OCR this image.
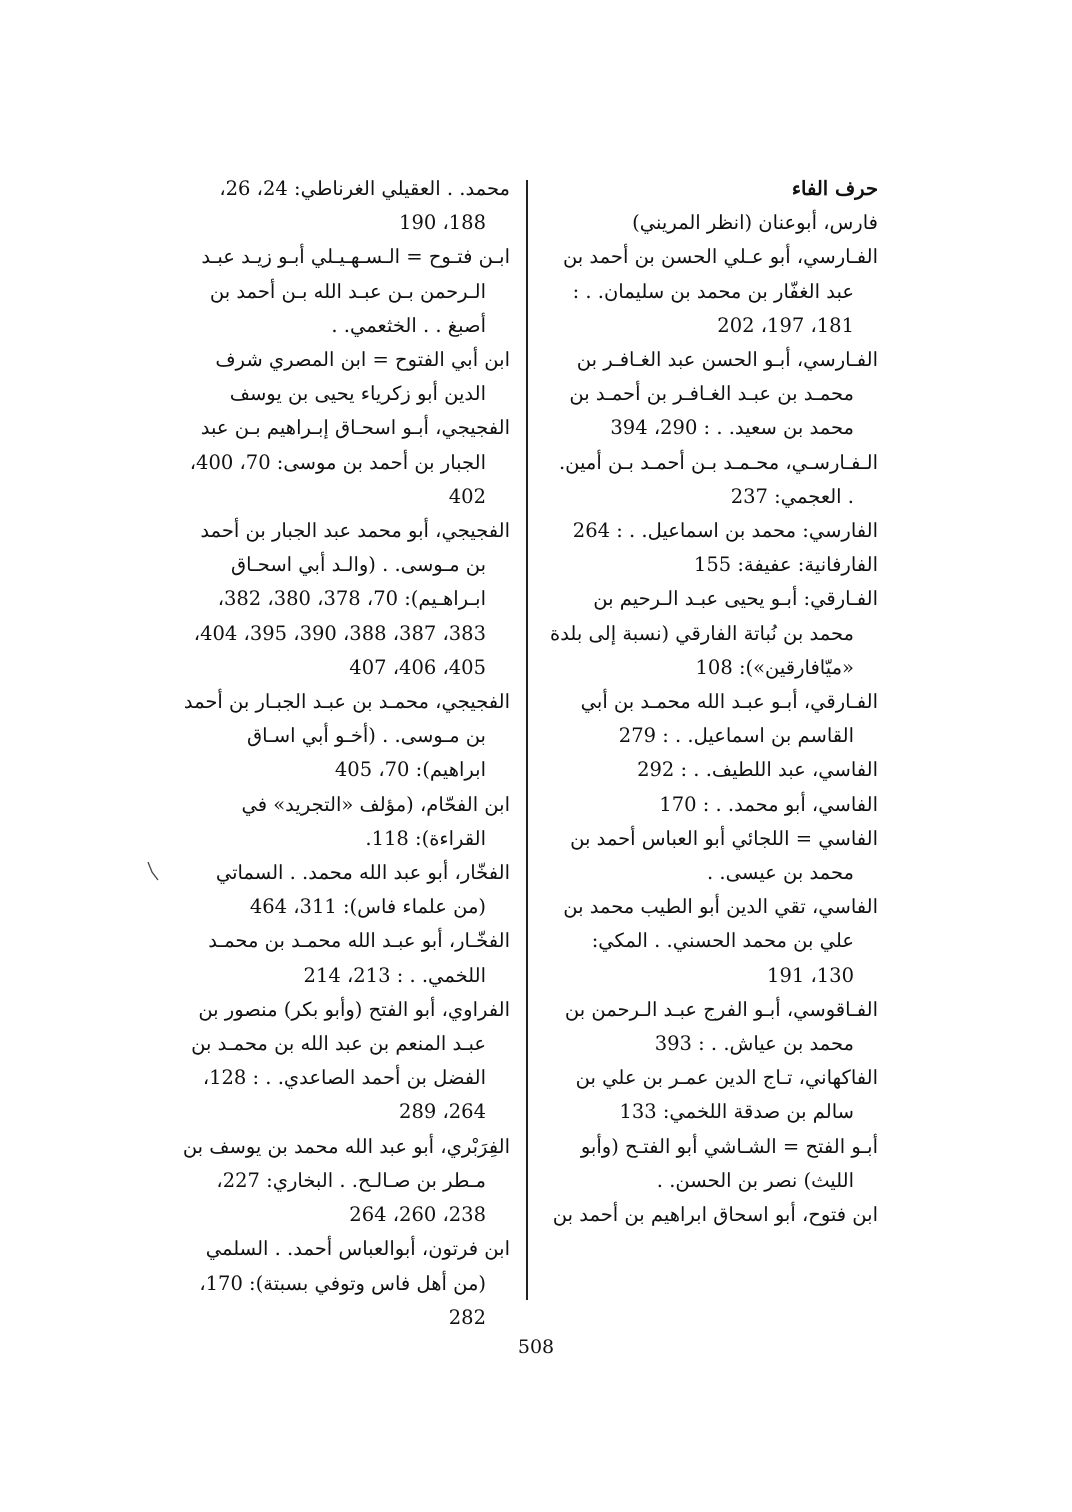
حرف الفاء

فارس، أبوعنان (انظر المريني)

الفـارسي، أبو عـلي الحسن بن أحمد بن عبد الغفّار بن محمد بن سليمان. . : 181، 197، 202

الفـارسي، أبـو الحسن عبد الغـافـر بن محمـد بن عبـد الغـافـر بن أحمـد بن محمد بن سعيد. . : 290، 394

الـفـارسـي، محـمـد بـن أحمـد بـن أمين. . العجمي: 237

الفارسي: محمد بن اسماعيل. . : 264

الفارفانية: عفيفة: 155

الفـارقي: أبـو يحيى عبـد الـرحيم بن محمد بن نُباتة الفارقي (نسبة إلى بلدة «ميّافارقين»): 108

الفـارقي، أبـو عبـد الله محمـد بن أبي القاسم بن اسماعيل. . : 279

الفاسي، عبد اللطيف. . : 292

الفاسي، أبو محمد. . : 170

الفاسي = اللجائي أبو العباس أحمد بن محمد بن عيسى. .

الفاسي، تقي الدين أبو الطيب محمد بن علي بن محمد الحسني. . المكي: 130، 191

الفـاقوسي، أبـو الفرج عبـد الـرحمن بن محمد بن عياش. . : 393

الفاكهاني، تـاج الدين عمـر بن علي بن سالم بن صدقة اللخمي: 133

أبـو الفتح = الشـاشي أبو الفتـح (وأبو الليث) نصر بن الحسن. .

ابن فتوح، أبو اسحاق ابراهيم بن أحمد بن

محمد. . العقيلي الغرناطي: 24، 26، 188، 190

ابـن فتـوح = الـسـهـيـلي أبـو زيـد عبـد الـرحمن بـن عبـد الله بـن أحمد بن أصبغ . . الخثعمي. .

ابن أبي الفتوح = ابن المصري شرف الدين أبو زكرياء يحيى بن يوسف

الفجيجي، أبـو اسحـاق إبـراهيم بـن عبد الجبار بن أحمد بن موسى: 70، 400، 402

الفجيجي، أبو محمد عبد الجبار بن أحمد بن مـوسى. . (والـد أبي اسحـاق ابـراهـيم): 70، 378، 380، 382، 383، 387، 388، 390، 395، 404، 405، 406، 407

الفجيجي، محمـد بن عبـد الجبـار بن أحمد بن مـوسى. . (أخـو أبي اسـاق ابراهيم): 70، 405

ابن الفحّام، (مؤلف «التجريد» في القراءة): 118.

الفخّار، أبو عبد الله محمد. . السماتي (من علماء فاس): 311، 464

الفخّـار، أبو عبـد الله محمـد بن محمـد اللخمي. . : 213، 214

الفراوي، أبو الفتح (وأبو بكر) منصور بن عبـد المنعم بن عبد الله بن محمـد بن الفضل بن أحمد الصاعدي. . : 128، 264، 289

الفِرَبْري، أبو عبد الله محمد بن يوسف بن مـطر بن صـالـح. . البخاري: 227، 238، 260، 264

ابن فرتون، أبوالعباس أحمد. . السلمي (من أهل فاس وتوفي بسبتة): 170، 282

508
